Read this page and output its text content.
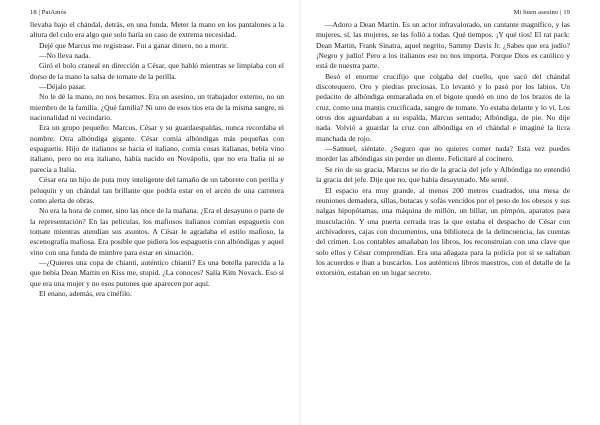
18 | PatAmós

llevaba bajo el chándal, detrás, en una funda. Meter la mano en los pantalones a la altura del culo era algo que solo haría en caso de extrema necesidad.

Dejé que Marcus me registrase. Fui a ganar dinero, no a morir.

—No lleva nada.

Giró el bolo craneal en dirección a César, que habló mientras se limpiaba con el dorso de la mano la salsa de tomate de la perilla.

—Déjalo pasar.

No le dé la mano, no nos besamos. Era un asesino, un trabajador externo, no un miembro de la familia. ¿Qué familia? Ni uno de esos tíos era de la misma sangre, ni nacionalidad ni vecindario.

Era un grupo pequeño: Marcus, César y su guardaespaldas, nunca recordaba el nombre. Otra albóndiga gigante. César comía albóndigas más pequeñas con espaguetis. Hijo de italianos se hacía el italiano, comía cosas italianas, bebía vino italiano, pero no era italiano, había nacido en Novápolis, que no era Italia ni se parecía a Italia.

César era un hijo de puta muy inteligente del tamaño de un taburete con perilla y peluquín y un chándal tan brillante que podría estar en el arcén de una carretera como alerta de obras.

No era la hora de comer, sino las once de la mañana. ¿Era el desayuno o parte de la representación? En las películas, los mafiosos italianos comían espaguetis con tomate mientras atendían sus asuntos. A César le agradaba el estilo mafioso, la escenografía mafiosa. Era posible que pidiera los espaguetis con albóndigas y aquel vino con una funda de mimbre para estar en situación.

—¿Quieres una copa de chianti, auténtico chianti? Es una botella parecida a la que bebía Dean Martin en Kiss me, stupid. ¿La conoces? Salía Kim Novack. Eso sí que era una mujer y no esos putones que aparecen por aquí.

El enano, además, era cinéfilo.

Mi buen asesino | 19

—Adoro a Dean Martin. Es un actor infravalorado, un cantante magnífico, y las mujeres, sí, las mujeres, se las folló a todas. Qué tiempos. ¡Y qué tíos! El rat pack: Dean Martin, Frank Sinatra, aquel negrito, Sammy Davis Jr. ¿Sabes que era judío? ¡Negro y judío! Pero a los italianos eso no nos importa. Porque Dios es católico y está de nuestra parte.

Besó el enorme crucifijo que colgaba del cuello, que sacó del chándal discotequero. Oro y piedras preciosas. Lo levantó y lo pasó por los labios. Un pedacito de albóndiga enmarañada en el bigote quedó en uno de los brazos de la cruz, como una mantis crucificada, sangre de tomate. Yo estaba delante y lo vi. Los otros dos aguardaban a su espalda, Marcus sentado; Albóndiga, de pie. No dije nada. Volvió a guardar la cruz con albóndiga en el chándal e imaginé la licra manchada de rojo.

—Samuel, siéntate. ¿Seguro que no quieres comer nada? Esta vez puedes morder las albóndigas sin perder un diente. Felicitaré al cocinero.

Se rio de su gracia, Marcus se rio de la gracia del jefe y Albóndiga no entendió la gracia del jefe. Dije que no, que había desayunado. Me senté.

El espacio era muy grande, al menos 200 metros cuadrados, una mesa de reuniones demadera, sillas, butacas y sofás vencidos por el peso de los obesos y sus nalgas hipopótamas, una máquina de millón, un billar, un pimpón, aparatos para musculación. Y una puerta cerrada tras la que estaba el despacho de César con archivadores, cajas con documentos, una biblioteca de la delincuencia, las cuentas del crimen. Los contables amañaban los libros, los reconstruían con una clave que solo ellos y César comprendían. Era una añagaza para la policía por si se saltaban los acuerdos e iban a buscarlos. Los auténticos libros maestros, con el detalle de la extorsión, estaban en un lugar secreto.
